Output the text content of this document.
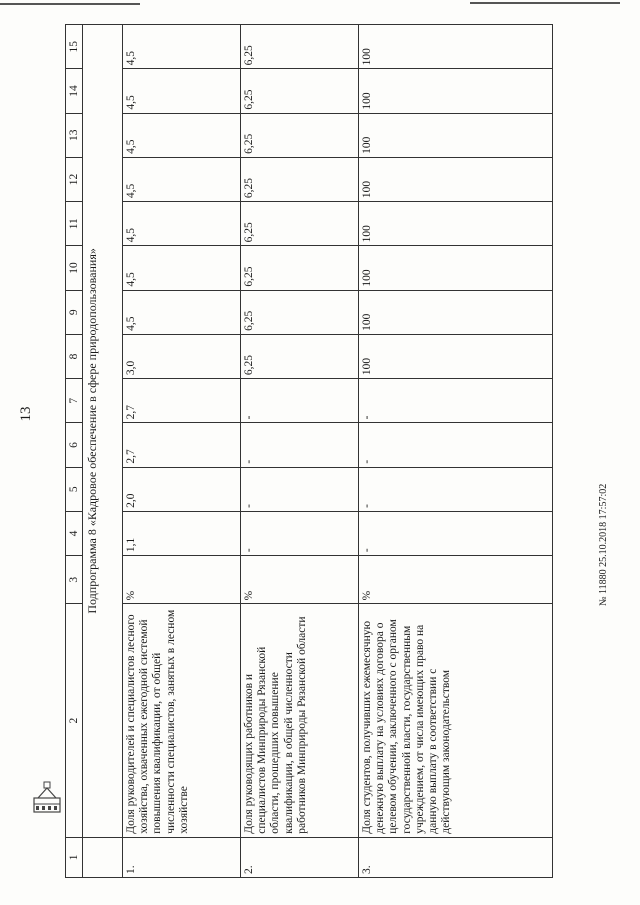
13
1	2	3	4	5	6	7	8	9	10	11	12	13	14	15
	Подпрограмма 8 «Кадровое обеспечение в сфере природопользования»													
1.	Доля руководителей и специалистов лесного хозяйства, охваченных ежегодной системой повышения квалификации, от общей численности специалистов, занятых в лесном хозяйстве	%	1,1	2,0	2,7	2,7	3,0	4,5	4,5	4,5	4,5	4,5	4,5	4,5
2.	Доля руководящих работников и специалистов Минприроды Рязанской области, прошедших повышение квалификации, в общей численности работников Минприроды Рязанской области	%	-	-	-	-	6,25	6,25	6,25	6,25	6,25	6,25	6,25	6,25
3.	Доля студентов, получивших ежемесячную денежную выплату на условиях договора о целевом обучении, заключенного с органом государственной власти, государственным учреждением, от числа имеющих право на данную выплату в соответствии с действующим законодательством	%	-	-	-	-	100	100	100	100	100	100	100	100
№ 11880 25.10.2018 17:57:02
